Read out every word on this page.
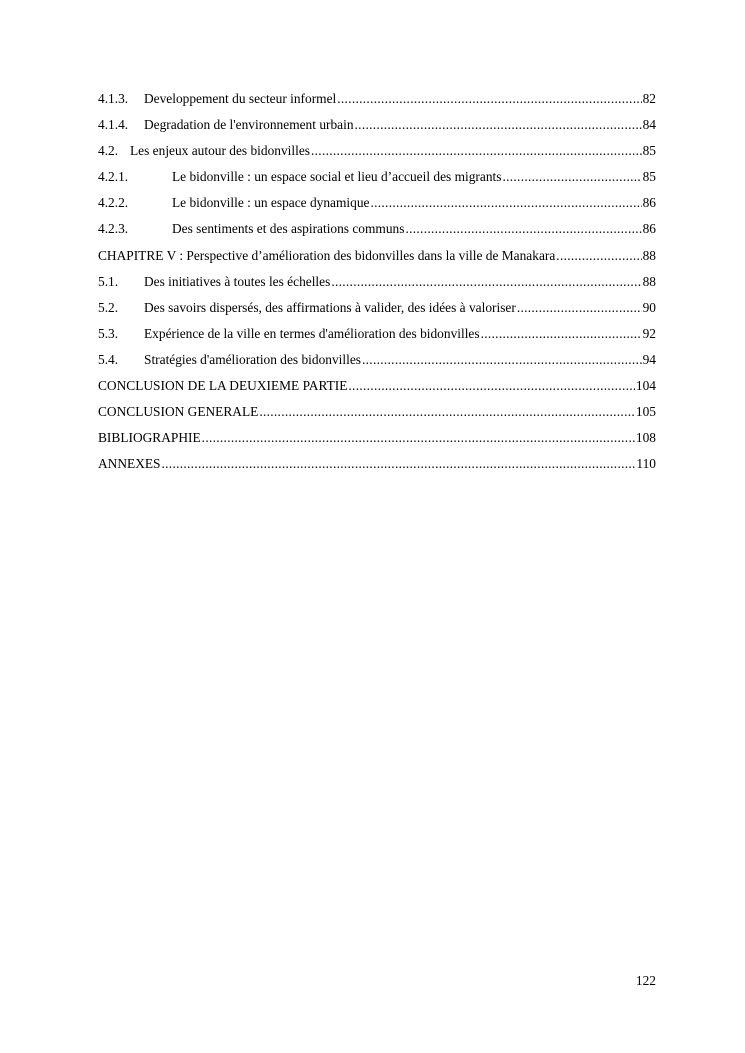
4.1.3.	Developpement du secteur informel .....	82
4.1.4.	Degradation de l'environnement urbain .....	84
4.2. Les enjeux autour des bidonvilles .....	85
4.2.1.	Le bidonville : un espace social et lieu d’accueil des migrants .....	85
4.2.2.	Le bidonville : un espace dynamique .....	86
4.2.3.	Des sentiments et des aspirations communs .....	86
CHAPITRE V : Perspective d’amélioration des bidonvilles dans la ville de Manakara .....	88
5.1.	Des initiatives à toutes les échelles .....	88
5.2.	Des savoirs dispersés, des affirmations à valider, des idées à valoriser .....	90
5.3.	Expérience de la ville en termes d'amélioration des bidonvilles .....	92
5.4.	Stratégies d'amélioration des bidonvilles .....	94
CONCLUSION DE LA DEUXIEME PARTIE .....	104
CONCLUSION GENERALE .....	105
BIBLIOGRAPHIE .....	108
ANNEXES .....	110
122
